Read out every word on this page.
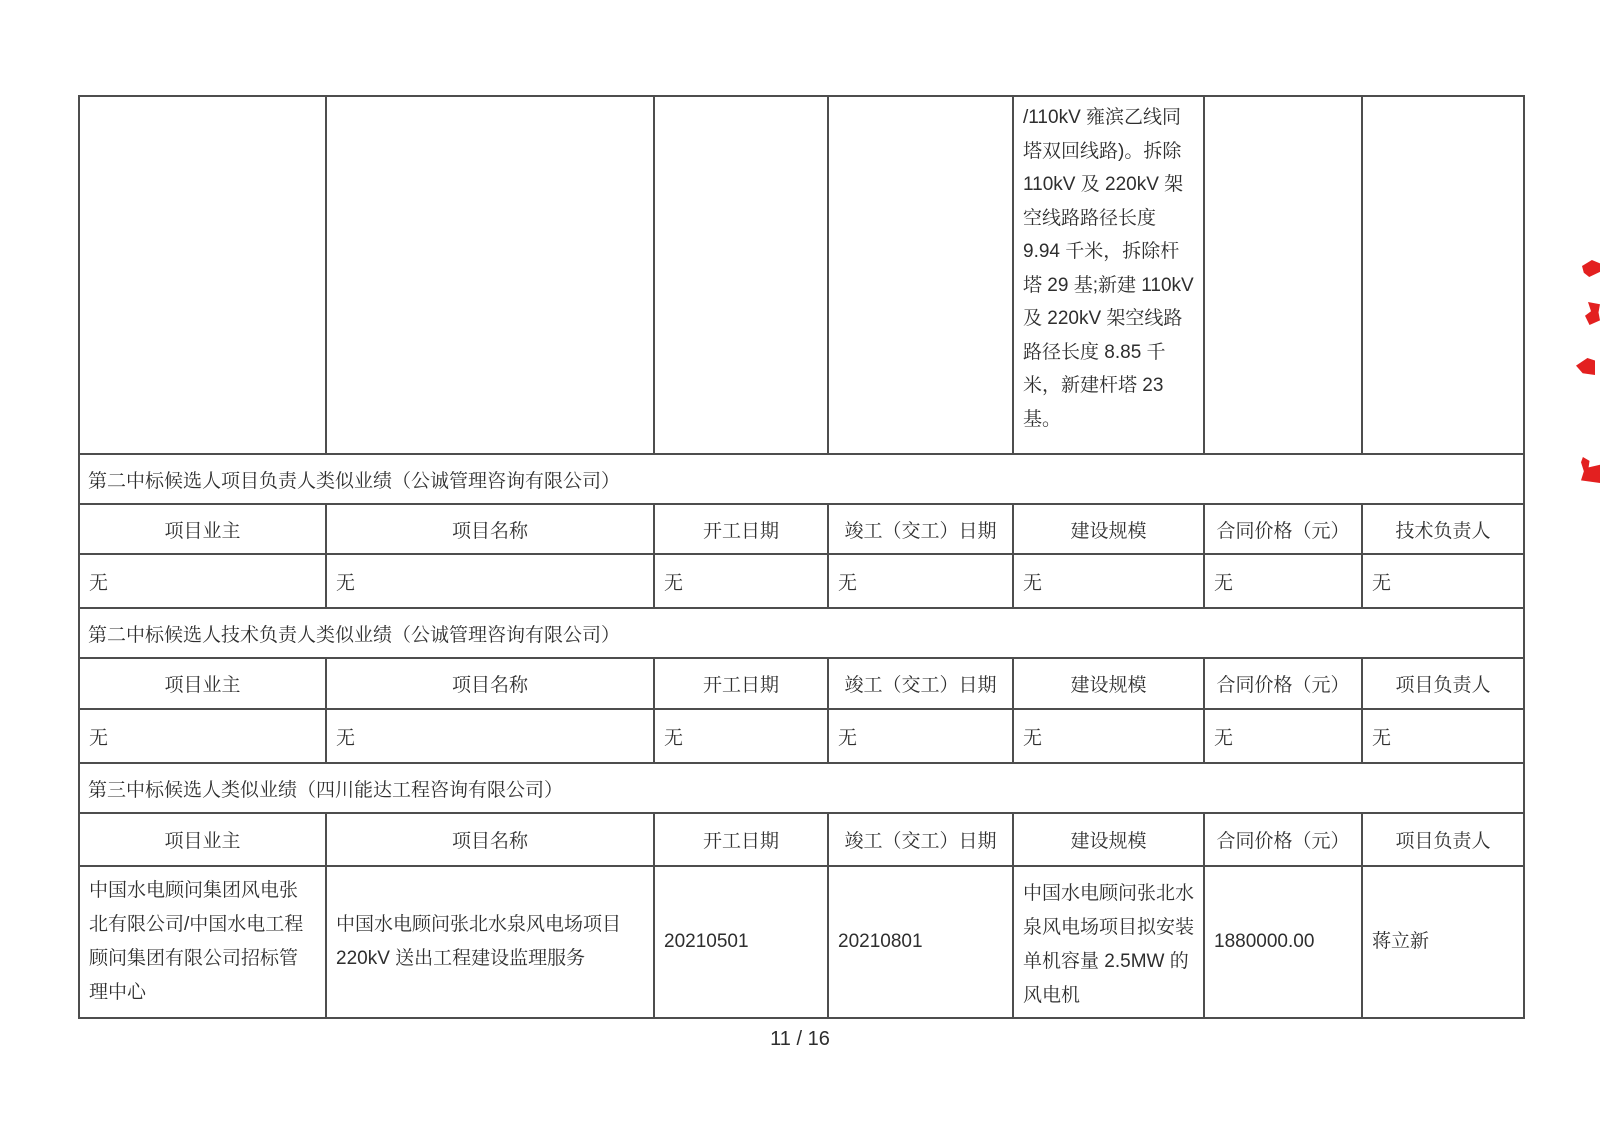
				/110kV 雍滨乙线同塔双回线路)。拆除 110kV 及 220kV 架空线路路径长度 9.94 千米，拆除杆塔 29 基;新建 110kV 及 220kV 架空线路路径长度 8.85 千米，新建杆塔 23 基。		
第二中标候选人项目负责人类似业绩（公诚管理咨询有限公司）						
项目业主	项目名称	开工日期	竣工（交工）日期	建设规模	合同价格（元）	技术负责人
无	无	无	无	无	无	无
第二中标候选人技术负责人类似业绩（公诚管理咨询有限公司）						
项目业主	项目名称	开工日期	竣工（交工）日期	建设规模	合同价格（元）	项目负责人
无	无	无	无	无	无	无
第三中标候选人类似业绩（四川能达工程咨询有限公司）						
项目业主	项目名称	开工日期	竣工（交工）日期	建设规模	合同价格（元）	项目负责人
中国水电顾问集团风电张北有限公司/中国水电工程顾问集团有限公司招标管理中心	中国水电顾问张北水泉风电场项目220kV 送出工程建设监理服务	20210501	20210801	中国水电顾问张北水泉风电场项目拟安装单机容量 2.5MW 的风电机	1880000.00	蒋立新
11 / 16
